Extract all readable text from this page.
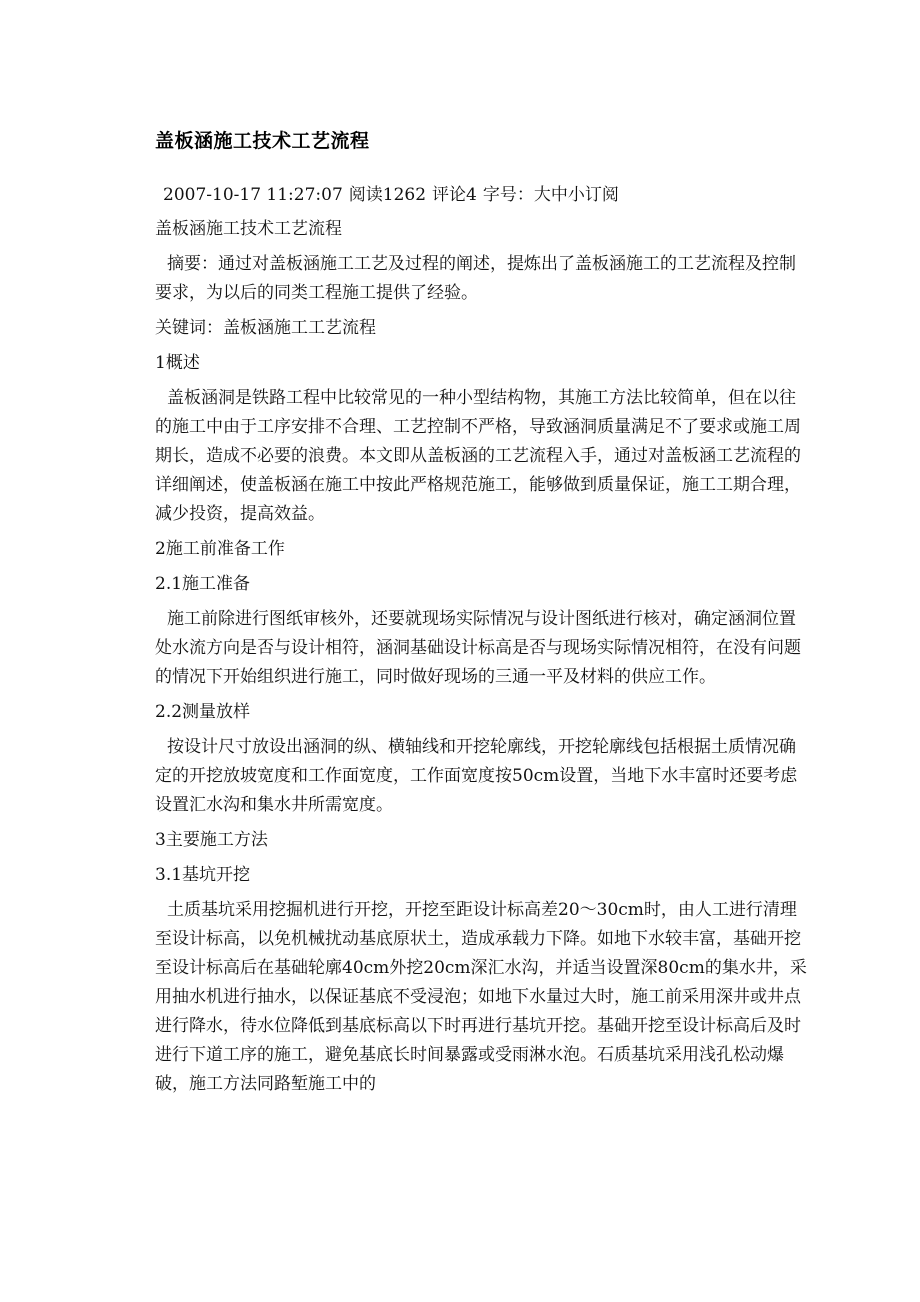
盖板涵施工技术工艺流程
2007-10-17 11:27:07 阅读1262 评论4 字号：大中小订阅

盖板涵施工技术工艺流程

摘要：通过对盖板涵施工工艺及过程的阐述，提炼出了盖板涵施工的工艺流程及控制要求，为以后的同类工程施工提供了经验。

关键词：盖板涵施工工艺流程

1概述

盖板涵洞是铁路工程中比较常见的一种小型结构物，其施工方法比较简单，但在以往的施工中由于工序安排不合理、工艺控制不严格，导致涵洞质量满足不了要求或施工周期长，造成不必要的浪费。本文即从盖板涵的工艺流程入手，通过对盖板涵工艺流程的详细阐述，使盖板涵在施工中按此严格规范施工，能够做到质量保证，施工工期合理，减少投资，提高效益。

2施工前准备工作

2.1施工准备

施工前除进行图纸审核外，还要就现场实际情况与设计图纸进行核对，确定涵洞位置处水流方向是否与设计相符，涵洞基础设计标高是否与现场实际情况相符，在没有问题的情况下开始组织进行施工，同时做好现场的三通一平及材料的供应工作。

2.2测量放样

按设计尺寸放设出涵洞的纵、横轴线和开挖轮廓线，开挖轮廓线包括根据土质情况确定的开挖放坡宽度和工作面宽度，工作面宽度按50cm设置，当地下水丰富时还要考虑设置汇水沟和集水井所需宽度。

3主要施工方法

3.1基坑开挖

土质基坑采用挖掘机进行开挖，开挖至距设计标高差20～30cm时，由人工进行清理至设计标高，以免机械扰动基底原状土，造成承载力下降。如地下水较丰富，基础开挖至设计标高后在基础轮廓40cm外挖20cm深汇水沟，并适当设置深80cm的集水井，采用抽水机进行抽水，以保证基底不受浸泡；如地下水量过大时，施工前采用深井或井点进行降水，待水位降低到基底标高以下时再进行基坑开挖。基础开挖至设计标高后及时进行下道工序的施工，避免基底长时间暴露或受雨淋水泡。石质基坑采用浅孔松动爆破，施工方法同路堑施工中的
